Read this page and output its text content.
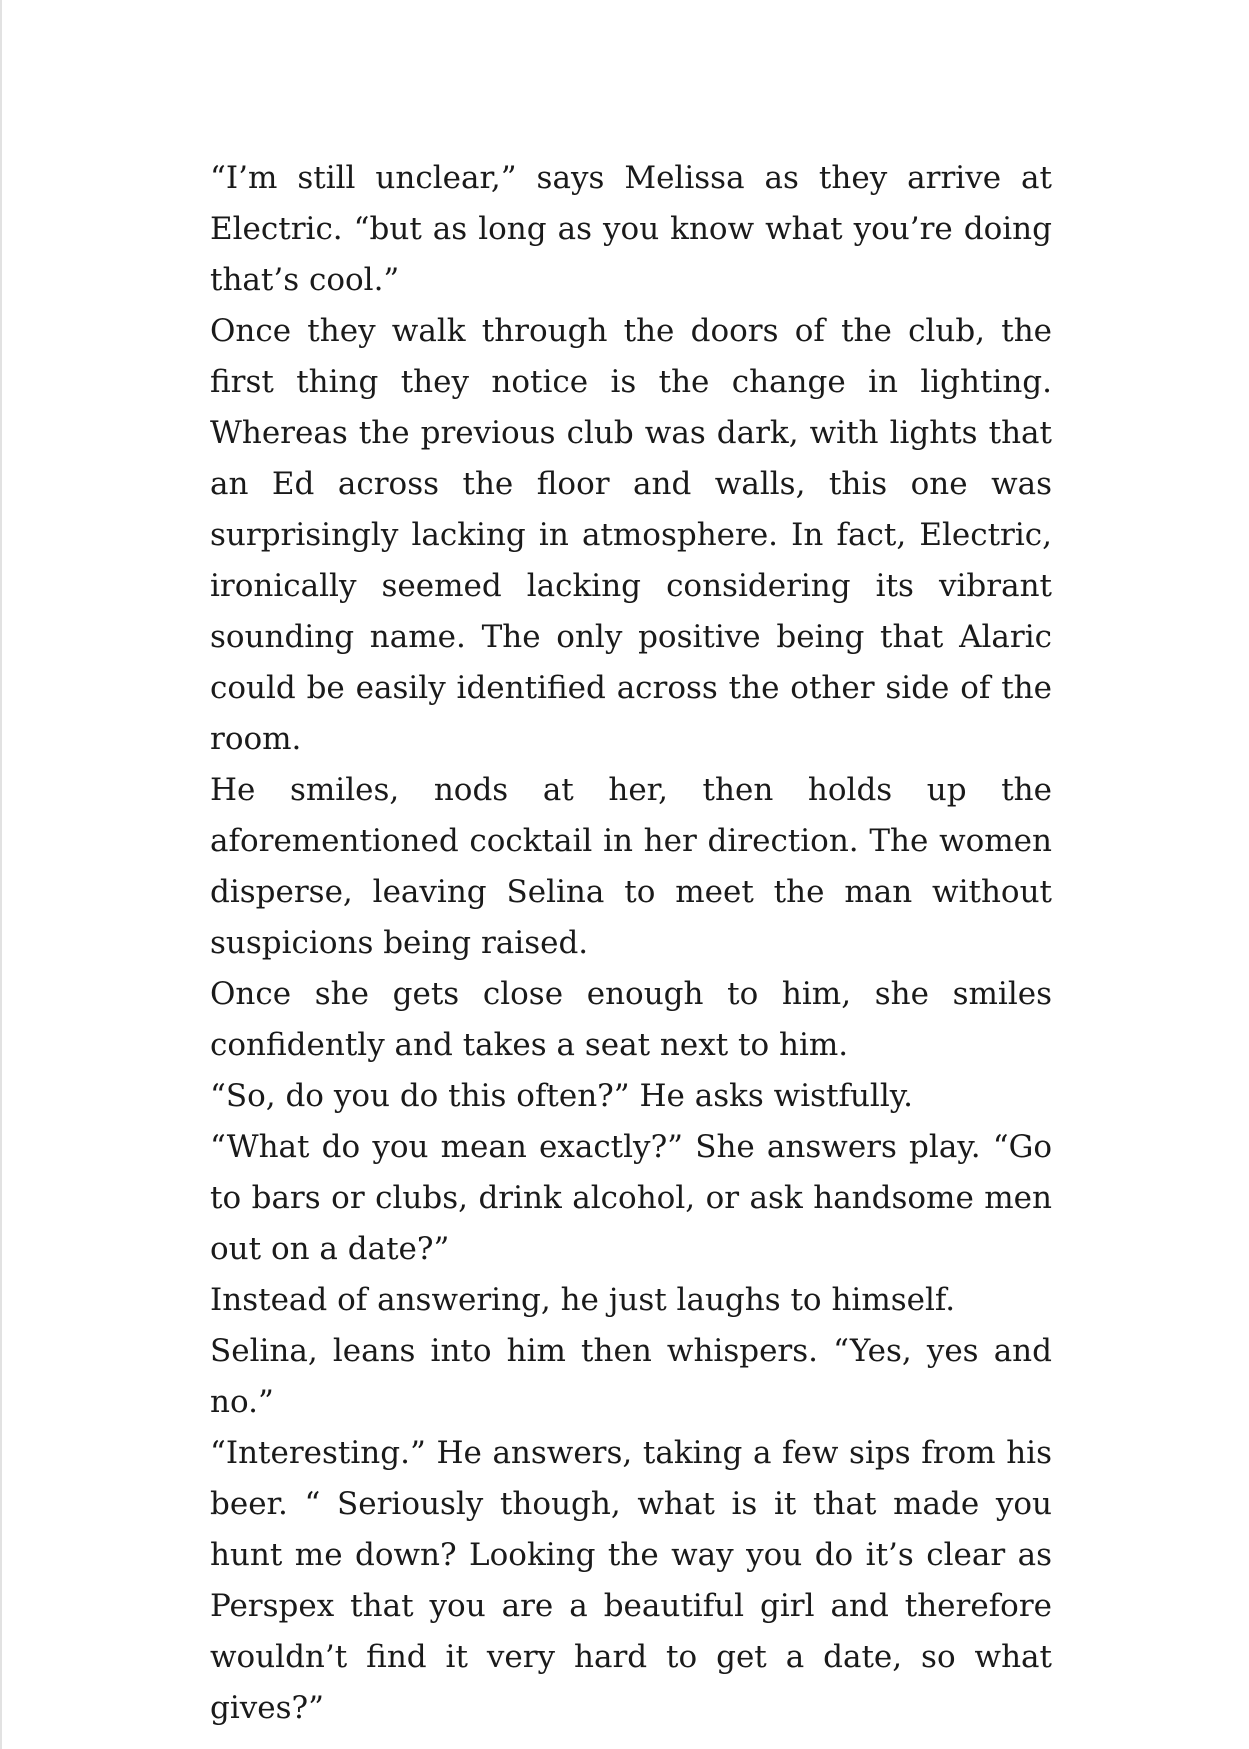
“I’m still unclear,” says Melissa as they arrive at Electric. “but as long as you know what you’re doing that’s cool.”

Once they walk through the doors of the club, the first thing they notice is the change in lighting. Whereas the previous club was dark, with lights that an Ed across the floor and walls, this one was surprisingly lacking in atmosphere. In fact, Electric, ironically seemed lacking considering its vibrant sounding name. The only positive being that Alaric could be easily identified across the other side of the room.

He smiles, nods at her, then holds up the aforementioned cocktail in her direction. The women disperse, leaving Selina to meet the man without suspicions being raised.

Once she gets close enough to him, she smiles confidently and takes a seat next to him.

“So, do you do this often?” He asks wistfully.

“What do you mean exactly?” She answers play. “Go to bars or clubs, drink alcohol, or ask handsome men out on a date?”

Instead of answering, he just laughs to himself.

Selina, leans into him then whispers. “Yes, yes and no.”

“Interesting.” He answers, taking a few sips from his beer. “ Seriously though, what is it that made you hunt me down? Looking the way you do it’s clear as Perspex that you are a beautiful girl and therefore wouldn’t find it very hard to get a date, so what gives?”
